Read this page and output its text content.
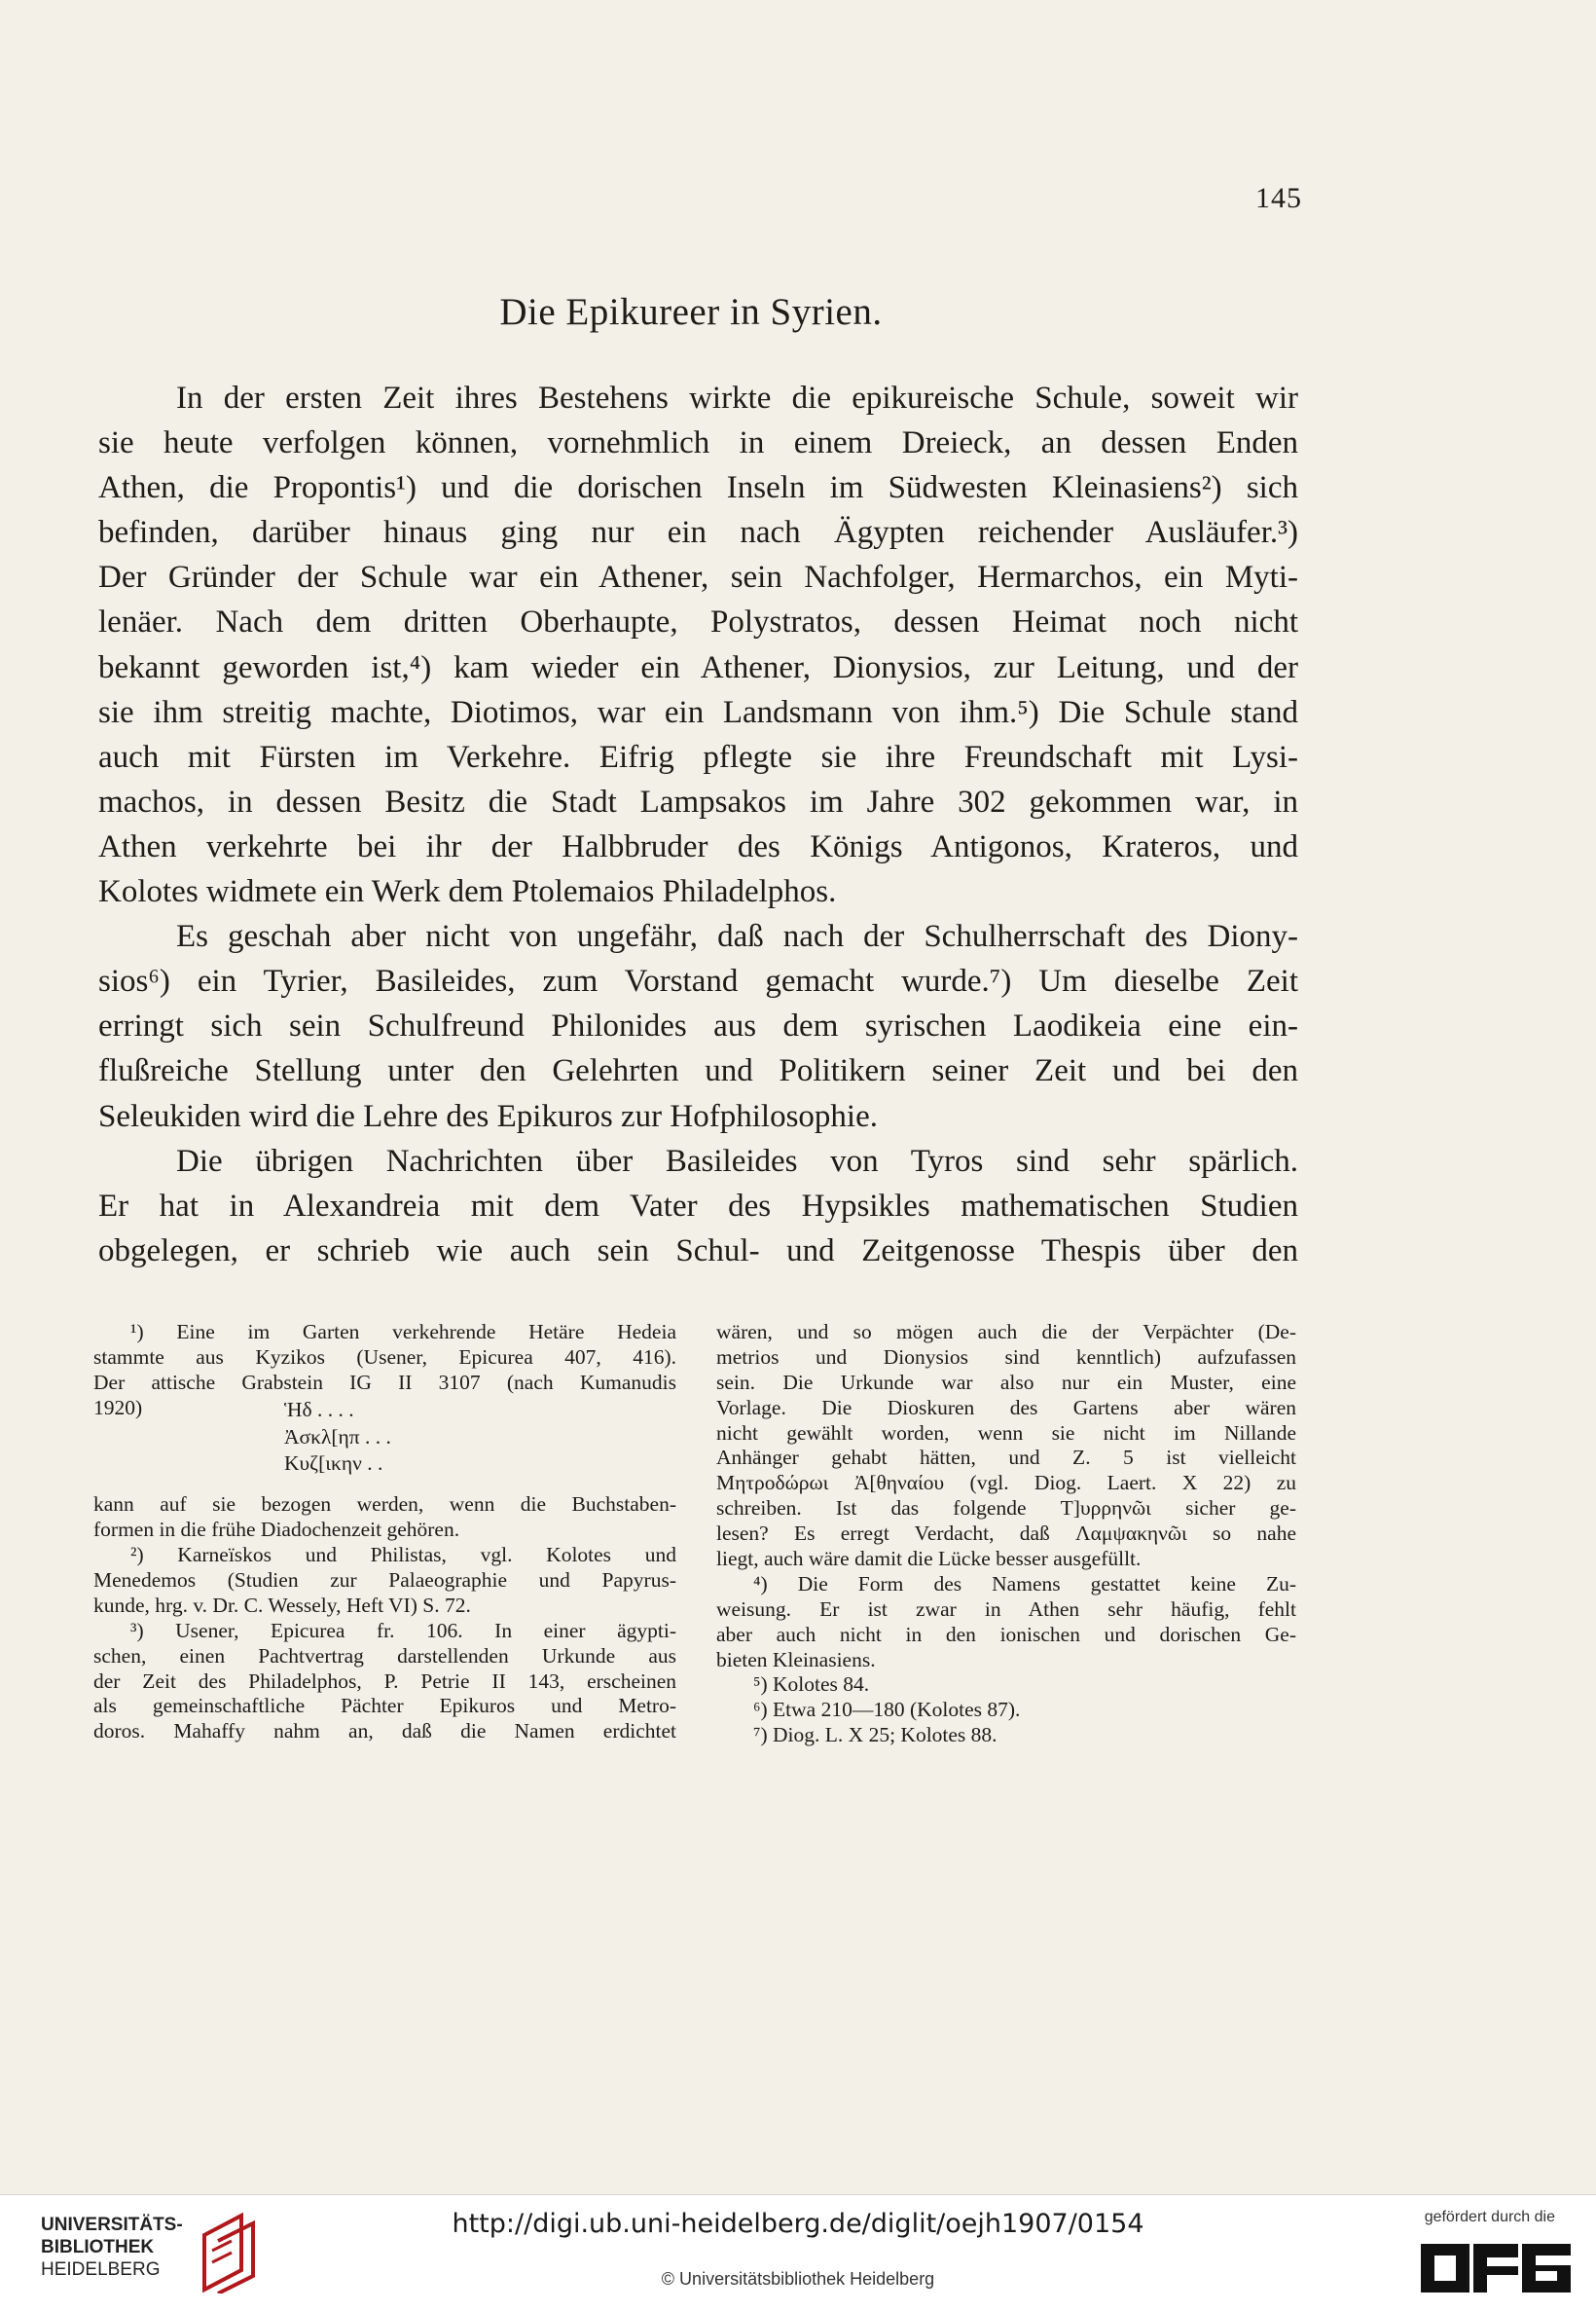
145
Die Epikureer in Syrien.
In der ersten Zeit ihres Bestehens wirkte die epikureische Schule, soweit wir
sie heute verfolgen können, vornehmlich in einem Dreieck, an dessen Enden
Athen, die Propontis¹) und die dorischen Inseln im Südwesten Kleinasiens²) sich
befinden, darüber hinaus ging nur ein nach Ägypten reichender Ausläufer.³)
Der Gründer der Schule war ein Athener, sein Nachfolger, Hermarchos, ein Myti-
lenäer. Nach dem dritten Oberhaupte, Polystratos, dessen Heimat noch nicht
bekannt geworden ist,⁴) kam wieder ein Athener, Dionysios, zur Leitung, und der
sie ihm streitig machte, Diotimos, war ein Landsmann von ihm.⁵) Die Schule stand
auch mit Fürsten im Verkehre. Eifrig pflegte sie ihre Freundschaft mit Lysi-
machos, in dessen Besitz die Stadt Lampsakos im Jahre 302 gekommen war, in
Athen verkehrte bei ihr der Halbbruder des Königs Antigonos, Krateros, und
Kolotes widmete ein Werk dem Ptolemaios Philadelphos.
Es geschah aber nicht von ungefähr, daß nach der Schulherrschaft des Diony-
sios⁶) ein Tyrier, Basileides, zum Vorstand gemacht wurde.⁷) Um dieselbe Zeit
erringt sich sein Schulfreund Philonides aus dem syrischen Laodikeia eine ein-
flußreiche Stellung unter den Gelehrten und Politikern seiner Zeit und bei den
Seleukiden wird die Lehre des Epikuros zur Hofphilosophie.
Die übrigen Nachrichten über Basileides von Tyros sind sehr spärlich.
Er hat in Alexandreia mit dem Vater des Hypsikles mathematischen Studien
obgelegen, er schrieb wie auch sein Schul- und Zeitgenosse Thespis über den
¹) Eine im Garten verkehrende Hetäre Hedeia
stammte aus Kyzikos (Usener, Epicurea 407, 416).
Der attische Grabstein IG II 3107 (nach Kumanudis
1920)	Ἡδ . . . .
Ἀσκλ[ηπ . . .
Κυζ[ικην . .
kann auf sie bezogen werden, wenn die Buchstaben-
formen in die frühe Diadochenzeit gehören.
²) Karneïskos und Philistas, vgl. Kolotes und
Menedemos (Studien zur Palaeographie und Papyrus-
kunde, hrg. v. Dr. C. Wessely, Heft VI) S. 72.
³) Usener, Epicurea fr. 106. In einer ägypti-
schen, einen Pachtvertrag darstellenden Urkunde aus
der Zeit des Philadelphos, P. Petrie II 143, erscheinen
als gemeinschaftliche Pächter Epikuros und Metro-
doros. Mahaffy nahm an, daß die Namen erdichtet
wären, und so mögen auch die der Verpächter (De-
metrios und Dionysios sind kenntlich) aufzufassen
sein. Die Urkunde war also nur ein Muster, eine
Vorlage. Die Dioskuren des Gartens aber wären
nicht gewählt worden, wenn sie nicht im Nillande
Anhänger gehabt hätten, und Z. 5 ist vielleicht
Μητροδώρωι Ἀ[θηναίου (vgl. Diog. Laert. X 22) zu
schreiben. Ist das folgende Τ]υρρηνῶι sicher ge-
lesen? Es erregt Verdacht, daß Λαμψακηνῶι so nahe
liegt, auch wäre damit die Lücke besser ausgefüllt.
⁴) Die Form des Namens gestattet keine Zu-
weisung. Er ist zwar in Athen sehr häufig, fehlt
aber auch nicht in den ionischen und dorischen Ge-
bieten Kleinasiens.
⁵) Kolotes 84.
⁶) Etwa 210—180 (Kolotes 87).
⁷) Diog. L. X 25; Kolotes 88.
UNIVERSITÄTS-
BIBLIOTHEK
HEIDELBERG
http://digi.ub.uni-heidelberg.de/diglit/oejh1907/0154
© Universitätsbibliothek Heidelberg
gefördert durch die
